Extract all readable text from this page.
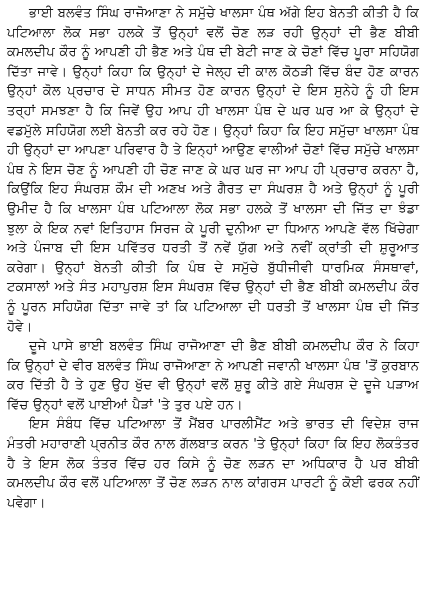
ਭਾਈ ਬਲਵੰਤ ਸਿੰਘ ਰਾਜੋਆਣਾ ਨੇ ਸਮੁੱਚੇ ਖਾਲਸਾ ਪੰਥ ਅੱਗੇ ਇਹ ਬੇਨਤੀ ਕੀਤੀ ਹੈ ਕਿ ਪਟਿਆਲਾ ਲੋਕ ਸਭਾ ਹਲਕੇ ਤੋਂ ਉਨ੍ਹਾਂ ਵਲੋਂ ਚੋਣ ਲੜ ਰਹੀ ਉਨ੍ਹਾਂ ਦੀ ਭੈਣ ਬੀਬੀ ਕਮਲਦੀਪ ਕੌਰ ਨੂੰ ਆਪਣੀ ਹੀ ਭੈਣ ਅਤੇ ਪੰਥ ਦੀ ਬੇਟੀ ਜਾਣ ਕੇ ਚੋਣਾਂ ਵਿੱਚ ਪੂਰਾ ਸਹਿਯੋਗ ਦਿੱਤਾ ਜਾਵੇ। ਉਨ੍ਹਾਂ ਕਿਹਾ ਕਿ ਉਨ੍ਹਾਂ ਦੇ ਜੇਲ੍ਹ ਦੀ ਕਾਲ ਕੋਠੜੀ ਵਿੱਚ ਬੰਦ ਹੋਣ ਕਾਰਨ ਉਨ੍ਹਾਂ ਕੋਲ ਪ੍ਰਚਾਰ ਦੇ ਸਾਧਨ ਸੀਮਤ ਹੋਣ ਕਾਰਨ ਉਨ੍ਹਾਂ ਦੇ ਇਸ ਸੁਨੇਹੇ ਨੂੰ ਹੀ ਇਸ ਤਰ੍ਹਾਂ ਸਮਝਣਾ ਹੈ ਕਿ ਜਿਵੇਂ ਉਹ ਆਪ ਹੀ ਖਾਲਸਾ ਪੰਥ ਦੇ ਘਰ ਘਰ ਆ ਕੇ ਉਨ੍ਹਾਂ ਦੇ ਵਡਮੁੱਲੇ ਸਹਿਯੋਗ ਲਈ ਬੇਨਤੀ ਕਰ ਰਹੇ ਹੋਣ। ਉਨ੍ਹਾਂ ਕਿਹਾ ਕਿ ਇਹ ਸਮੁੱਚਾ ਖਾਲਸਾ ਪੰਥ ਹੀ ਉਨ੍ਹਾਂ ਦਾ ਆਪਣਾ ਪਰਿਵਾਰ ਹੈ ਤੇ ਇਨ੍ਹਾਂ ਆਉਣ ਵਾਲੀਆਂ ਚੋਣਾਂ ਵਿੱਚ ਸਮੁੱਚੇ ਖਾਲਸਾ ਪੰਥ ਨੇ ਇਸ ਚੋਣ ਨੂੰ ਆਪਣੀ ਹੀ ਚੋਣ ਜਾਣ ਕੇ ਘਰ ਘਰ ਜਾ ਆਪ ਹੀ ਪ੍ਰਚਾਰ ਕਰਨਾ ਹੈ, ਕਿਉਂਕਿ ਇਹ ਸੰਘਰਸ਼ ਕੌਮ ਦੀ ਅਣਖ ਅਤੇ ਗੈਰਤ ਦਾ ਸੰਘਰਸ਼ ਹੈ ਅਤੇ ਉਨ੍ਹਾਂ ਨੂੰ ਪੂਰੀ ਉਮੀਦ ਹੈ ਕਿ ਖਾਲਸਾ ਪੰਥ ਪਟਿਆਲਾ ਲੋਕ ਸਭਾ ਹਲਕੇ ਤੋਂ ਖਾਲਸਾ ਦੀ ਜਿੱਤ ਦਾ ਝੰਡਾ ਝੁਲਾ ਕੇ ਇਕ ਨਵਾਂ ਇਤਿਹਾਸ ਸਿਰਜ ਕੇ ਪੂਰੀ ਦੁਨੀਆ ਦਾ ਧਿਆਨ ਆਪਣੇ ਵੱਲ ਖਿੱਚੇਗਾ ਅਤੇ ਪੰਜਾਬ ਦੀ ਇਸ ਪਵਿੱਤਰ ਧਰਤੀ ਤੋਂ ਨਵੇਂ ਯੁੱਗ ਅਤੇ ਨਵੀਂ ਕ੍ਰਾਂਤੀ ਦੀ ਸ਼ੁਰੂਆਤ ਕਰੇਗਾ। ਉਨ੍ਹਾਂ ਬੇਨਤੀ ਕੀਤੀ ਕਿ ਪੰਥ ਦੇ ਸਮੁੱਚੇ ਬੁੱਧੀਜੀਵੀ ਧਾਰਮਿਕ ਸੰਸਥਾਵਾਂ, ਟਕਸਾਲਾਂ ਅਤੇ ਸੰਤ ਮਹਾਪੁਰਸ਼ ਇਸ ਸੰਘਰਸ਼ ਵਿੱਚ ਉਨ੍ਹਾਂ ਦੀ ਭੈਣ ਬੀਬੀ ਕਮਲਦੀਪ ਕੌਰ ਨੂੰ ਪੂਰਨ ਸਹਿਯੋਗ ਦਿੱਤਾ ਜਾਵੇ ਤਾਂ ਕਿ ਪਟਿਆਲਾ ਦੀ ਧਰਤੀ ਤੋਂ ਖਾਲਸਾ ਪੰਥ ਦੀ ਜਿੱਤ ਹੋਵੇ।

ਦੂਜੇ ਪਾਸੇ ਭਾਈ ਬਲਵੰਤ ਸਿੰਘ ਰਾਜੋਆਣਾ ਦੀ ਭੈਣ ਬੀਬੀ ਕਮਲਦੀਪ ਕੌਰ ਨੇ ਕਿਹਾ ਕਿ ਉਨ੍ਹਾਂ ਦੇ ਵੀਰ ਬਲਵੰਤ ਸਿੰਘ ਰਾਜੋਆਣਾ ਨੇ ਆਪਣੀ ਜਵਾਨੀ ਖਾਲਸਾ ਪੰਥ 'ਤੋਂ ਕੁਰਬਾਨ ਕਰ ਦਿੱਤੀ ਹੈ ਤੇ ਹੁਣ ਉਹ ਖੁੱਦ ਵੀ ਉਨ੍ਹਾਂ ਵਲੋਂ ਸ਼ੁਰੂ ਕੀਤੇ ਗਏ ਸੰਘਰਸ਼ ਦੇ ਦੂਜੇ ਪੜਾਅ ਵਿੱਚ ਉਨ੍ਹਾਂ ਵਲੋਂ ਪਾਈਆਂ ਪੈੜਾਂ 'ਤੇ ਤੁਰ ਪਏ ਹਨ।

ਇਸ ਸੰਬੰਧ ਵਿੱਚ ਪਟਿਆਲਾ ਤੋਂ ਮੈਂਬਰ ਪਾਰਲੀਮੈਂਟ ਅਤੇ ਭਾਰਤ ਦੀ ਵਿਦੇਸ਼ ਰਾਜ ਮੰਤਰੀ ਮਹਾਰਾਣੀ ਪ੍ਰਨੀਤ ਕੌਰ ਨਾਲ ਗੱਲਬਾਤ ਕਰਨ 'ਤੇ ਉਨ੍ਹਾਂ ਕਿਹਾ ਕਿ ਇਹ ਲੋਕਤੰਤਰ ਹੈ ਤੇ ਇਸ ਲੋਕ ਤੰਤਰ ਵਿੱਚ ਹਰ ਕਿਸੇ ਨੂੰ ਚੋਣ ਲੜਨ ਦਾ ਅਧਿਕਾਰ ਹੈ ਪਰ ਬੀਬੀ ਕਮਲਦੀਪ ਕੌਰ ਵਲੋਂ ਪਟਿਆਲਾ ਤੋਂ ਚੋਣ ਲੜਨ ਨਾਲ ਕਾਂਗਰਸ ਪਾਰਟੀ ਨੂੰ ਕੋਈ ਫਰਕ ਨਹੀਂ ਪਵੇਗਾ।
